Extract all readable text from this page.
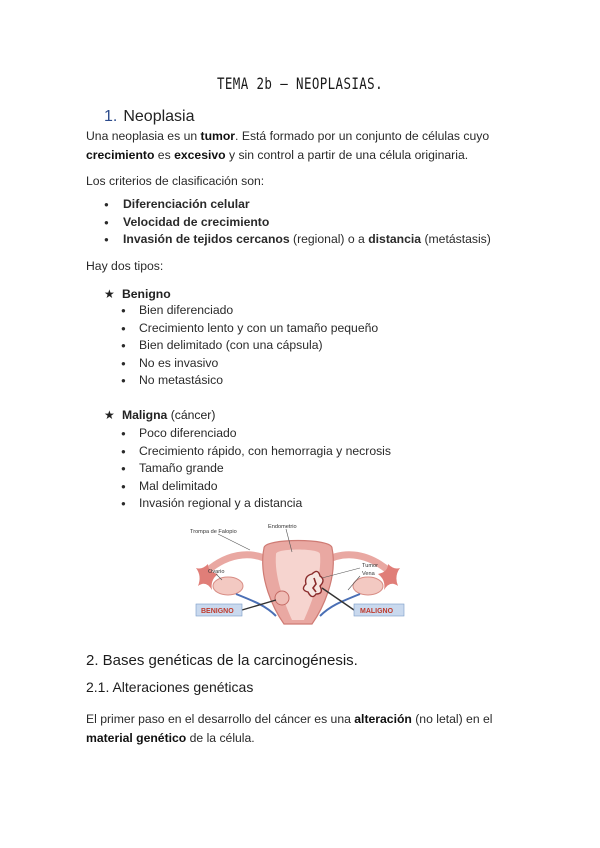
TEMA 2b – NEOPLASIAS.
1. Neoplasia
Una neoplasia es un tumor. Está formado por un conjunto de células cuyo
crecimiento es excesivo y sin control a partir de una célula originaria.
Los criterios de clasificación son:
● Diferenciación celular
● Velocidad de crecimiento
● Invasión de tejidos cercanos (regional) o a distancia (metástasis)
Hay dos tipos:
★ Benigno
● Bien diferenciado
● Crecimiento lento y con un tamaño pequeño
● Bien delimitado (con una cápsula)
● No es invasivo
● No metastásico
★ Maligna (cáncer)
● Poco diferenciado
● Crecimiento rápido, con hemorragia y necrosis
● Tamaño grande
● Mal delimitado
● Invasión regional y a distancia
Trompa de Falopio
Endometrio
Ovario
Tumor
Vena
BENIGNO	MALIGNO
2. Bases genéticas de la carcinogénesis.
2.1. Alteraciones genéticas
El primer paso en el desarrollo del cáncer es una alteración (no letal) en el
material genético de la célula.
